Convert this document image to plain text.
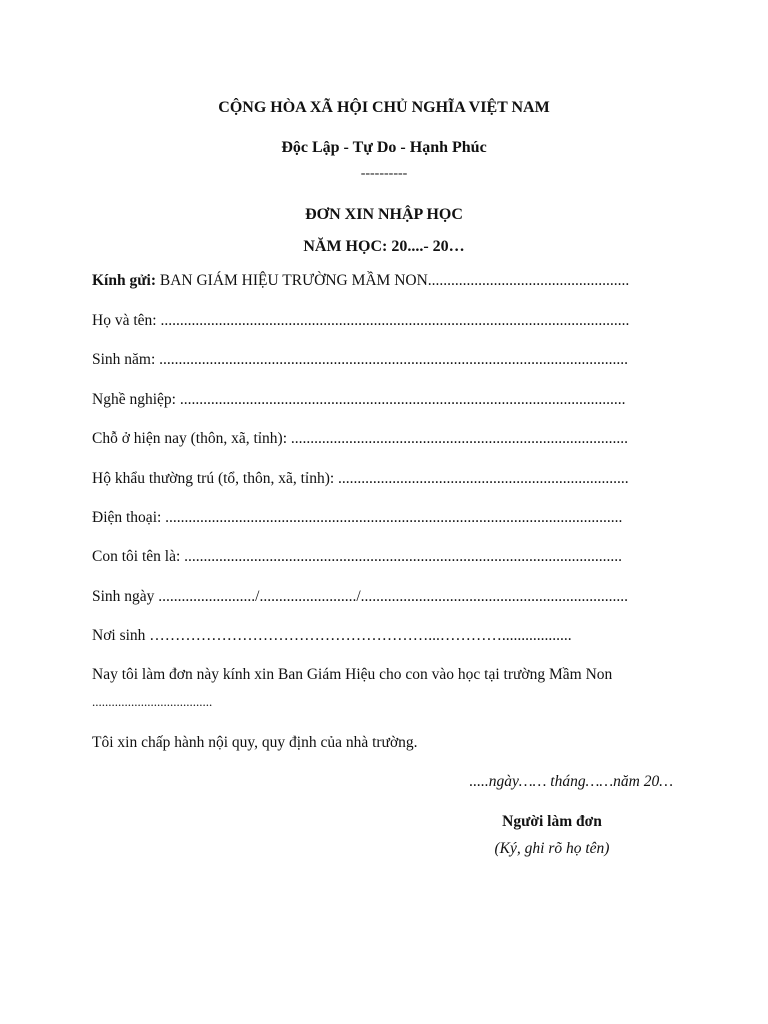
CỘNG HÒA XÃ HỘI CHỦ NGHĨA VIỆT NAM
Độc Lập - Tự Do - Hạnh Phúc
----------
ĐƠN XIN NHẬP HỌC
NĂM HỌC: 20....- 20…
Kính gửi: BAN GIÁM HIỆU TRƯỜNG MẦM NON....................................................
Họ và tên: .........................................................................................................................
Sinh năm: .........................................................................................................................
Nghề nghiệp: ...................................................................................................................
Chỗ ở hiện nay (thôn, xã, tỉnh): .......................................................................................
Hộ khẩu thường trú (tổ, thôn, xã, tỉnh): ...........................................................................
Điện thoại: ......................................................................................................................
Con tôi tên là: .................................................................................................................
Sinh ngày ........................./........................./.....................................................................
Nơi sinh ………………………………………………...…………..................
Nay tôi làm đơn này kính xin Ban Giám Hiệu cho con vào học tại trường Mầm Non
.....................................
Tôi xin chấp hành nội quy, quy định của nhà trường.
.....ngày…… tháng……năm 20…
Người làm đơn
(Ký, ghi rõ họ tên)
